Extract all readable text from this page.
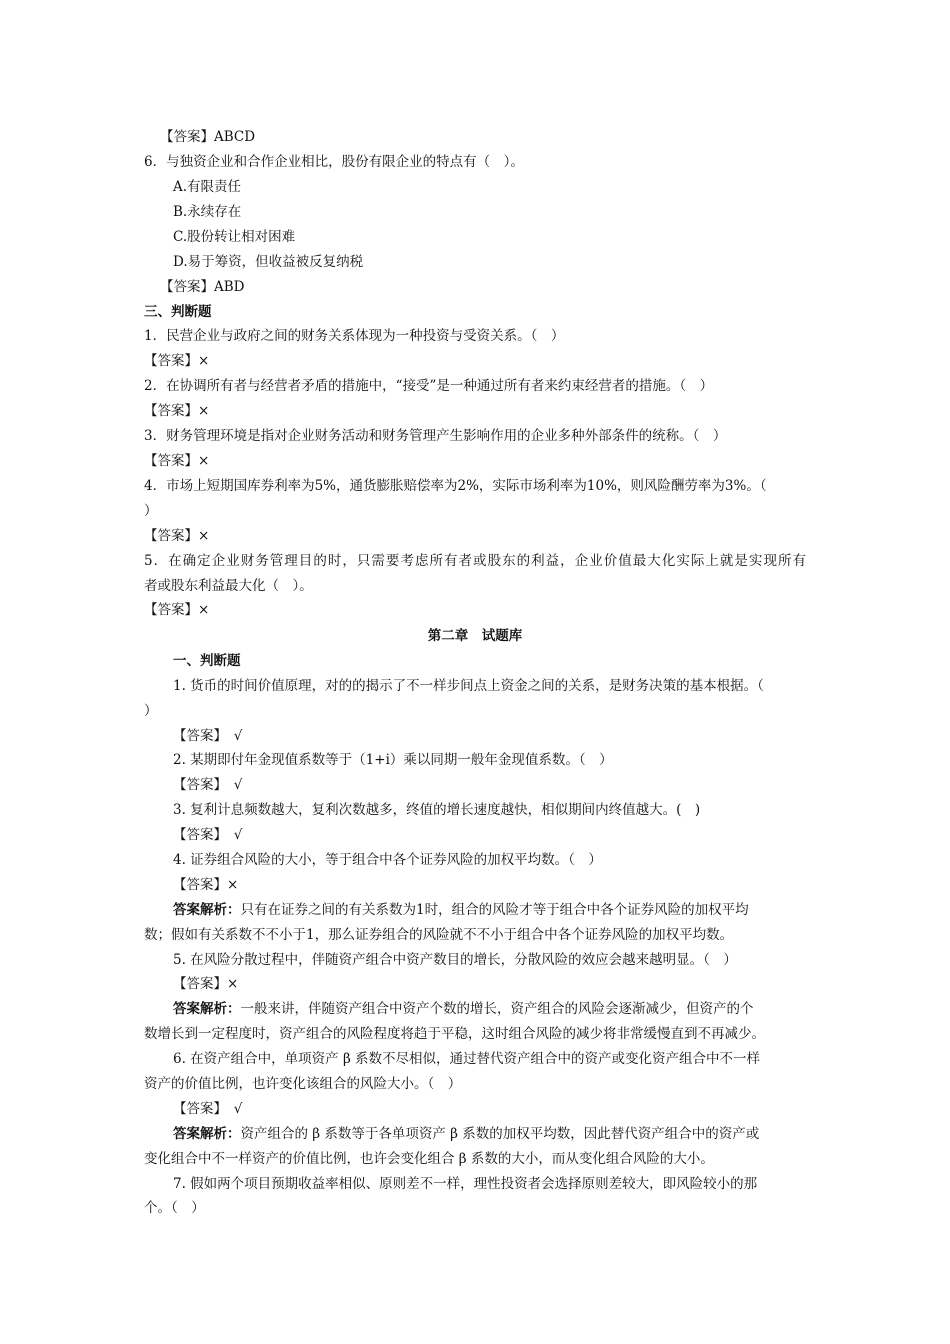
【答案】ABCD
6．与独资企业和合作企业相比，股份有限企业的特点有（　）。
A.有限责任
B.永续存在
C.股份转让相对困难
D.易于筹资，但收益被反复纳税
【答案】ABD
三、判断题
1．民营企业与政府之间的财务关系体现为一种投资与受资关系。（　）
【答案】×
2．在协调所有者与经营者矛盾的措施中，“接受”是一种通过所有者来约束经营者的措施。（　）
【答案】×
3．财务管理环境是指对企业财务活动和财务管理产生影响作用的企业多种外部条件的统称。（　）
【答案】×
4．市场上短期国库券利率为5%，通货膨胀赔偿率为2%，实际市场利率为10%，则风险酬劳率为3%。（
）
【答案】×
5．在确定企业财务管理目的时，只需要考虑所有者或股东的利益，企业价值最大化实际上就是实现所有
者或股东利益最大化（　）。
【答案】×
第二章　试题库
一、判断题
1. 货币的时间价值原理，对的的揭示了不一样步间点上资金之间的关系，是财务决策的基本根据。（
）
【答案】　√
2. 某期即付年金现值系数等于（1+i）乘以同期一般年金现值系数。（　）
【答案】　√
3. 复利计息频数越大，复利次数越多，终值的增长速度越快，相似期间内终值越大。(　)
【答案】　√
4. 证券组合风险的大小，等于组合中各个证券风险的加权平均数。（　）
【答案】×
答案解析：只有在证券之间的有关系数为1时，组合的风险才等于组合中各个证券风险的加权平均
数；假如有关系数不不小于1，那么证券组合的风险就不不小于组合中各个证券风险的加权平均数。
5. 在风险分散过程中，伴随资产组合中资产数目的增长，分散风险的效应会越来越明显。（　）
【答案】×
答案解析：一般来讲，伴随资产组合中资产个数的增长，资产组合的风险会逐渐减少，但资产的个
数增长到一定程度时，资产组合的风险程度将趋于平稳，这时组合风险的减少将非常缓慢直到不再减少。
6. 在资产组合中，单项资产 β 系数不尽相似，通过替代资产组合中的资产或变化资产组合中不一样
资产的价值比例，也许变化该组合的风险大小。（　）
【答案】　√
答案解析：资产组合的 β 系数等于各单项资产 β 系数的加权平均数，因此替代资产组合中的资产或
变化组合中不一样资产的价值比例，也许会变化组合 β 系数的大小，而从变化组合风险的大小。
7. 假如两个项目预期收益率相似、原则差不一样，理性投资者会选择原则差较大，即风险较小的那
个。（　）
